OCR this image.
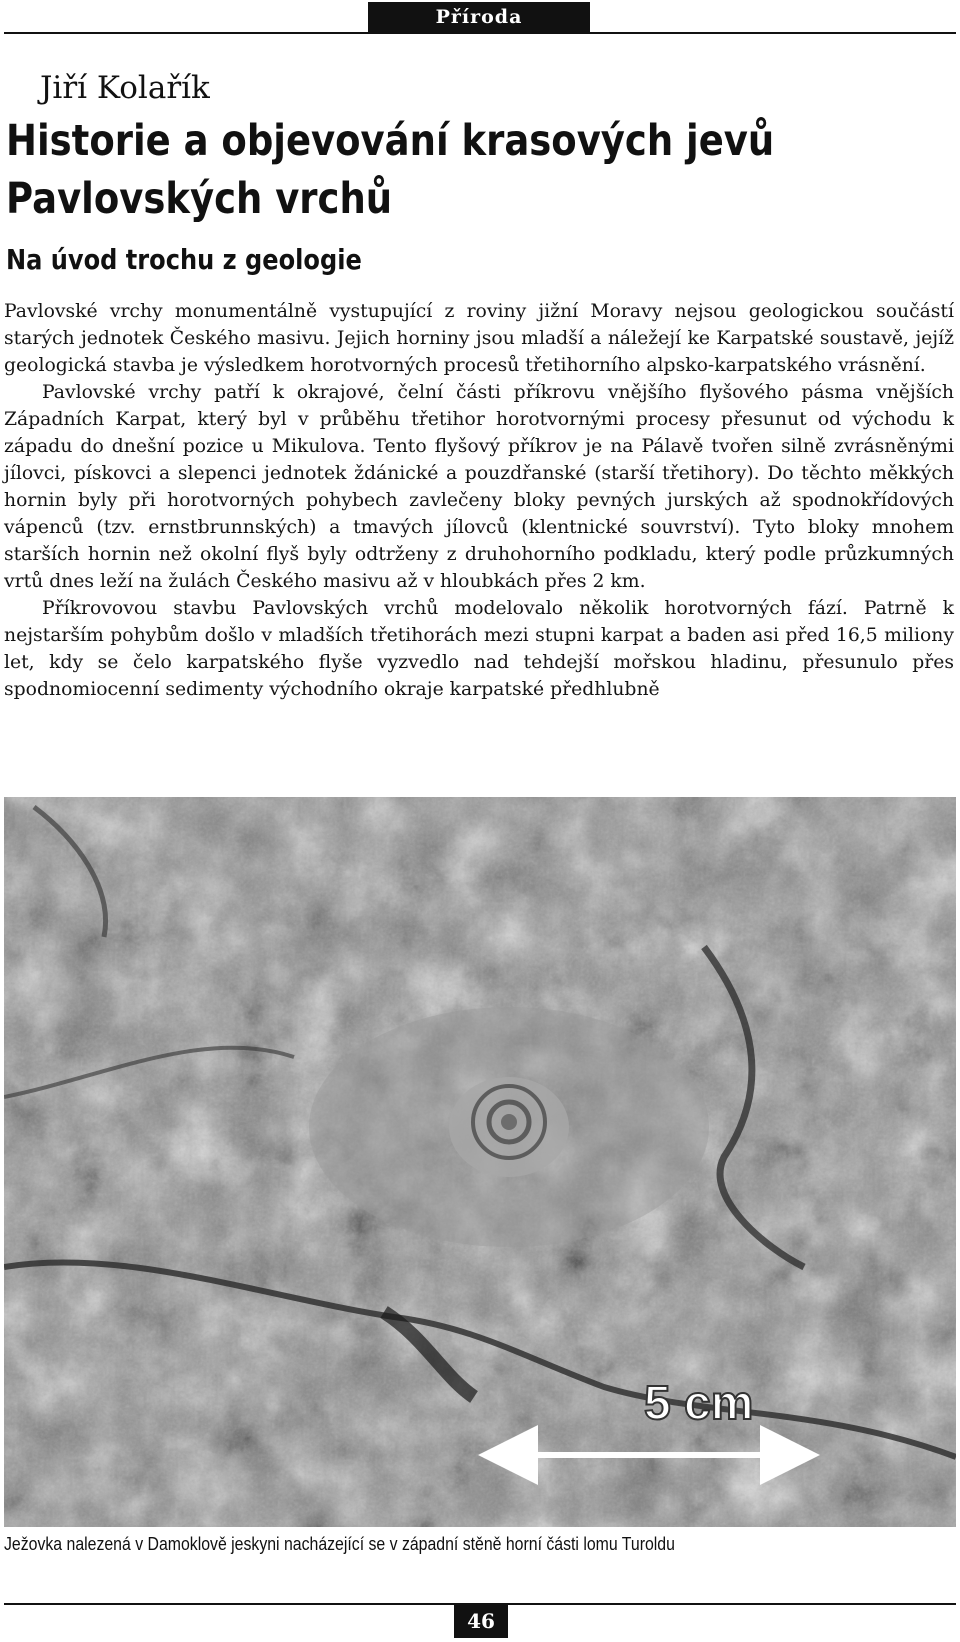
Příroda
Jiří Kolařík
Historie a objevování krasových jevů
Pavlovských vrchů
Na úvod trochu z geologie

Pavlovské vrchy monumentálně vystupující z roviny jižní Moravy nejsou geologickou součástí starých jednotek Českého masivu. Jejich horniny jsou mladší a náležejí ke Karpatské soustavě, jejíž geologická stavba je výsledkem horotvorných procesů třetihorního alpsko-karpatského vrásnění.

Pavlovské vrchy patří k okrajové, čelní části příkrovu vnějšího flyšového pásma vnějších Západních Karpat, který byl v průběhu třetihor horotvornými procesy přesunut od východu k západu do dnešní pozice u Mikulova. Tento flyšový příkrov je na Pálavě tvořen silně zvrásněnými jílovci, pískovci a slepenci jednotek ždánické a pouzdřanské (starší třetihory). Do těchto měkkých hornin byly při horotvorných pohybech zavlečeny bloky pevných jurských až spodnokřídových vápenců (tzv. ernstbrunnských) a tmavých jílovců (klentnické souvrství). Tyto bloky mnohem starších hornin než okolní flyš byly odtrženy z druhohorního podkladu, který podle průzkumných vrtů dnes leží na žulách Českého masivu až v hloubkách přes 2 km.

Příkrovovou stavbu Pavlovských vrchů modelovalo několik horotvorných fází. Patrně k nejstarším pohybům došlo v mladších třetihorách mezi stupni karpat a baden asi před 16,5 miliony let, kdy se čelo karpatského flyše vyzvedlo nad tehdejší mořskou hladinu, přesunulo přes spodnomiocenní sedimenty východního okraje karpatské předhlubně

5 cm
Ježovka nalezená v Damoklově jeskyni nacházející se v západní stěně horní části lomu Turoldu
46
